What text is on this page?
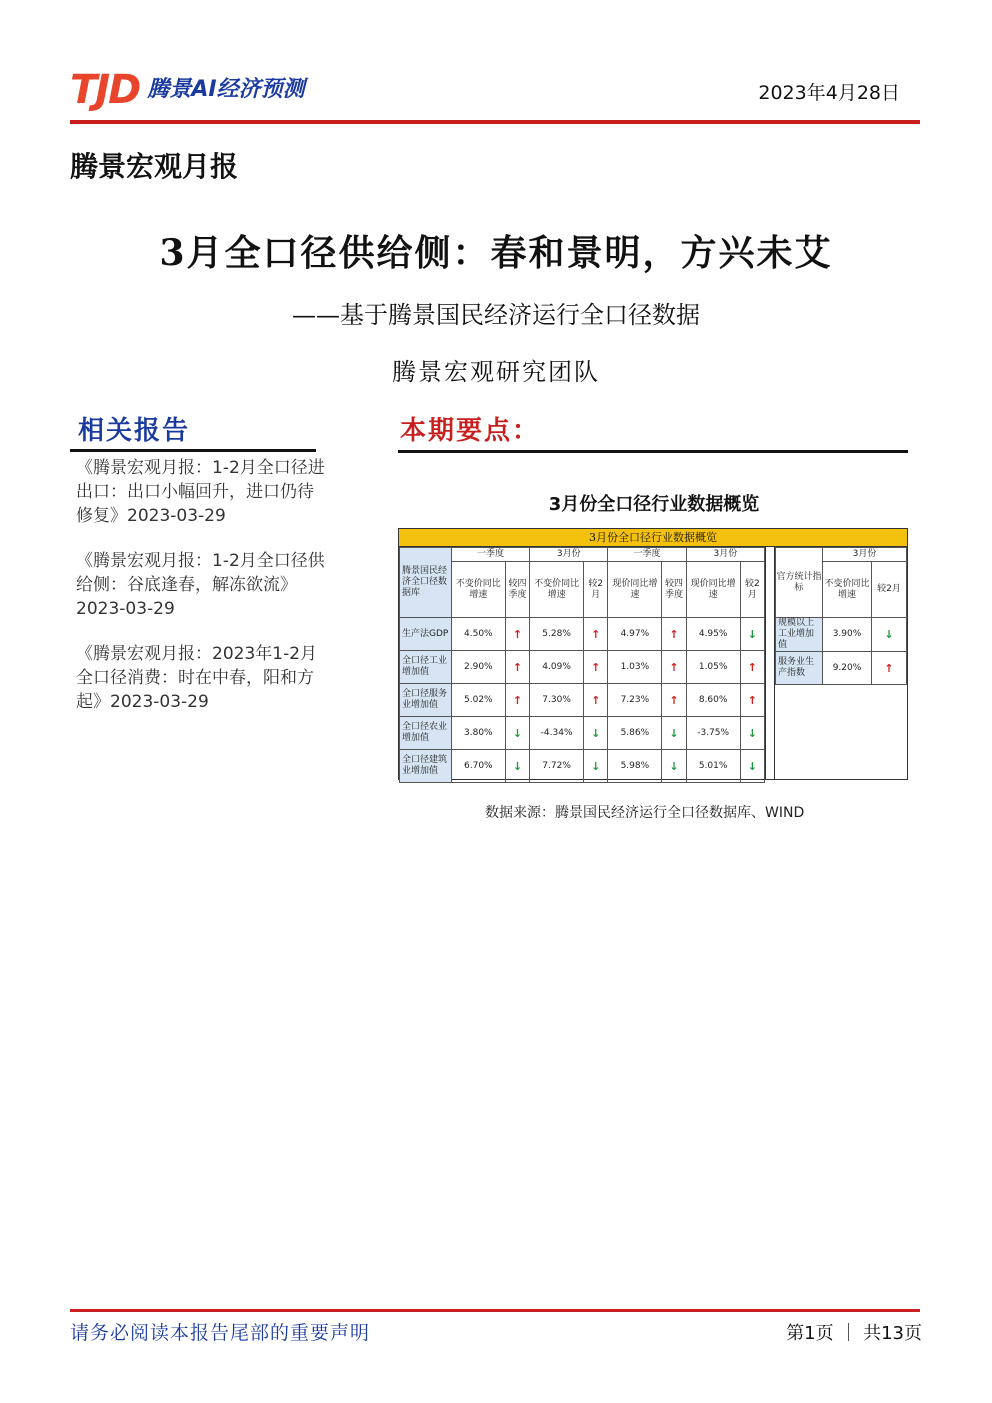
TJD 腾景AI经济预测	2023年4月28日
腾景宏观月报
3月全口径供给侧：春和景明，方兴未艾
——基于腾景国民经济运行全口径数据
腾景宏观研究团队
相关报告
《腾景宏观月报：1-2月全口径进出口：出口小幅回升，进口仍待修复》2023-03-29
《腾景宏观月报：1-2月全口径供给侧：谷底逢春，解冻欲流》2023-03-29
《腾景宏观月报：2023年1-2月全口径消费：时在中春，阳和方起》2023-03-29
本期要点：
3月份全口径行业数据概览
3月份全口径行业数据概览
腾景国民经济全口径数据库	一季度		3月份		一季度		3月份	
	不变价同比增速	较四季度	不变价同比增速	较2月	现价同比增速	较四季度	现价同比增速	较2月
生产法GDP	4.50%	↑	5.28%	↑	4.97%	↑	4.95%	↓
全口径工业增加值	2.90%	↑	4.09%	↑	1.03%	↑	1.05%	↑
全口径服务业增加值	5.02%	↑	7.30%	↑	7.23%	↑	8.60%	↑
全口径农业增加值	3.80%	↓	-4.34%	↓	5.86%	↓	-3.75%	↓
全口径建筑业增加值	6.70%	↓	7.72%	↓	5.98%	↓	5.01%	↓
官方统计指标	3月份	
	不变价同比增速	较2月
规模以上工业增加值	3.90%	↓
服务业生产指数	9.20%	↑
数据来源：腾景国民经济运行全口径数据库、WIND
请务必阅读本报告尾部的重要声明	第1页 ｜ 共13页
